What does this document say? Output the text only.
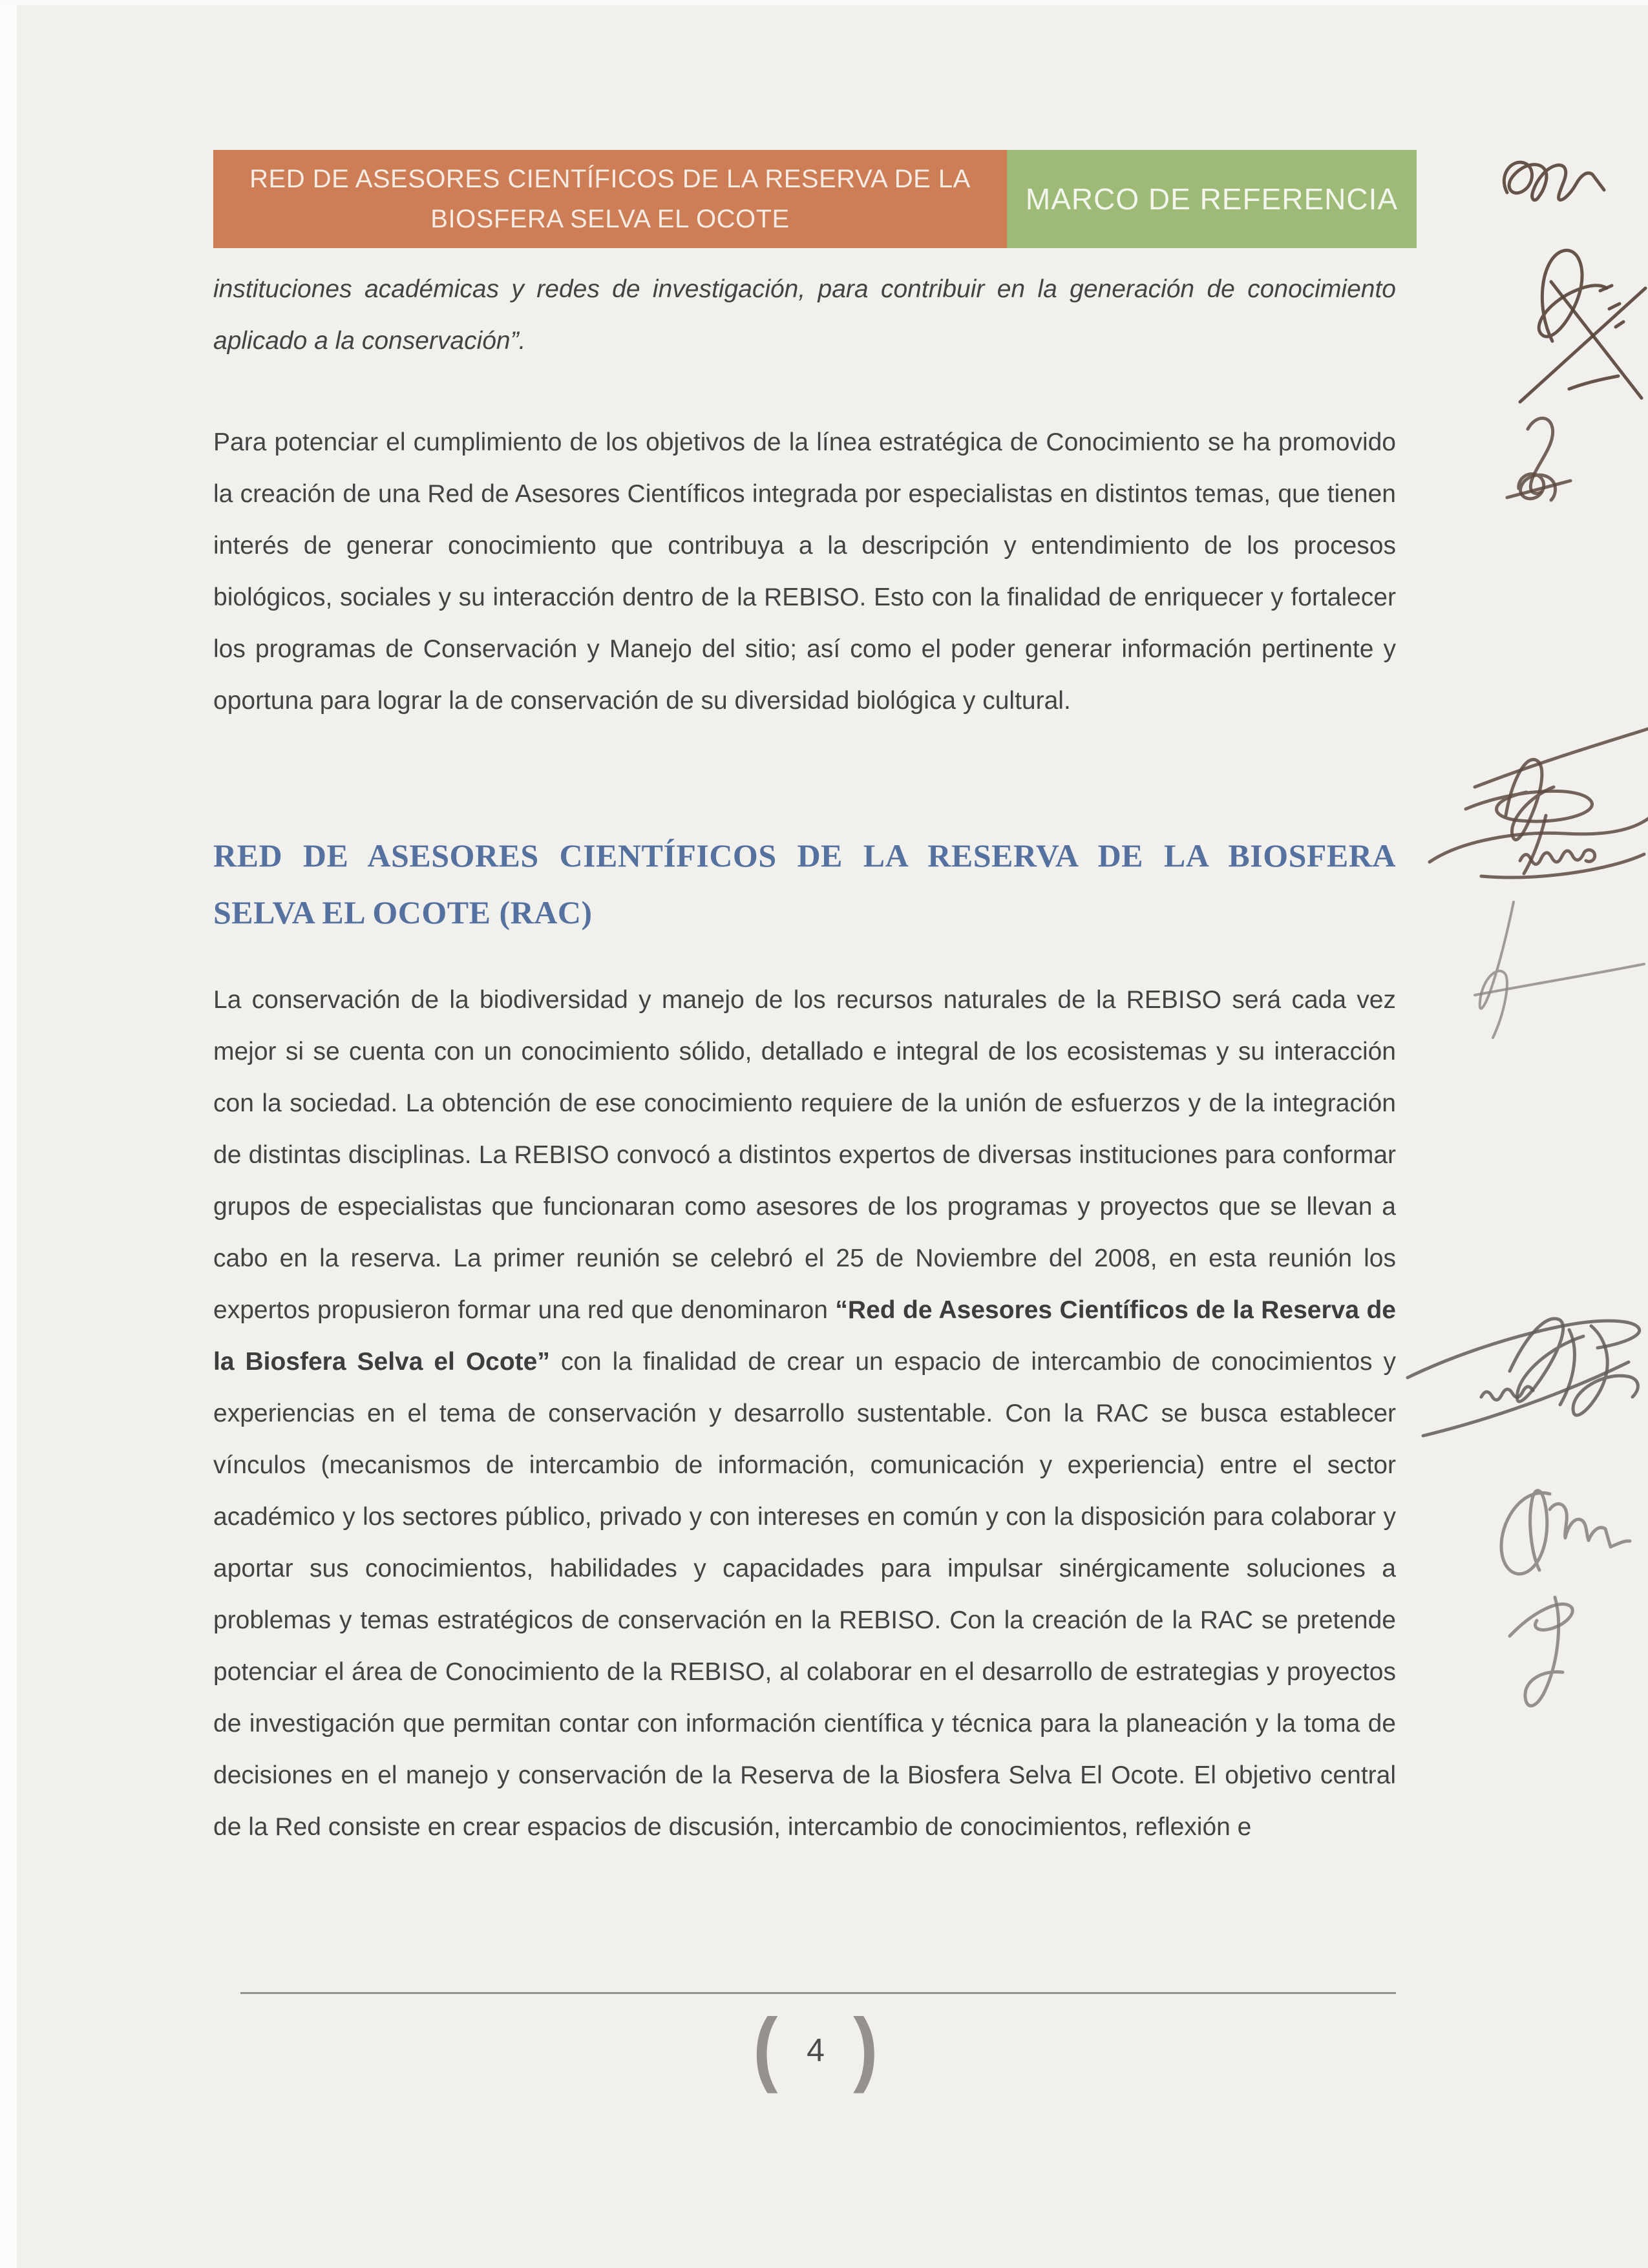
RED DE ASESORES CIENTÍFICOS DE LA RESERVA DE LA
BIOSFERA SELVA EL OCOTE
MARCO DE REFERENCIA
instituciones académicas y redes de investigación, para contribuir en la generación de conocimiento aplicado a la conservación”.
Para potenciar el cumplimiento de los objetivos de la línea estratégica de Conocimiento se ha promovido la creación de una Red de Asesores Científicos integrada por especialistas en distintos temas, que tienen interés de generar conocimiento que contribuya a la descripción y entendimiento de los procesos biológicos, sociales y su interacción dentro de la REBISO. Esto con la finalidad de enriquecer y fortalecer los programas de Conservación y Manejo del sitio; así como el poder generar información pertinente y oportuna para lograr la de conservación de su diversidad biológica y cultural.
RED DE ASESORES CIENTÍFICOS DE LA RESERVA DE LA BIOSFERA
SELVA EL OCOTE (RAC)
La conservación de la biodiversidad y manejo de los recursos naturales de la REBISO será cada vez mejor si se cuenta con un conocimiento sólido, detallado e integral de los ecosistemas y su interacción con la sociedad. La obtención de ese conocimiento requiere de la unión de esfuerzos y de la integración de distintas disciplinas. La REBISO convocó a distintos expertos de diversas instituciones para conformar grupos de especialistas que funcionaran como asesores de los programas y proyectos que se llevan a cabo en la reserva. La primer reunión se celebró el 25 de Noviembre del 2008, en esta reunión los expertos propusieron formar una red que denominaron “Red de Asesores Científicos de la Reserva de la Biosfera Selva el Ocote” con la finalidad de crear un espacio de intercambio de conocimientos y experiencias en el tema de conservación y desarrollo sustentable. Con la RAC se busca establecer vínculos (mecanismos de intercambio de información, comunicación y experiencia) entre el sector académico y los sectores público, privado y con intereses en común y con la disposición para colaborar y aportar sus conocimientos, habilidades y capacidades para impulsar sinérgicamente soluciones a problemas y temas estratégicos de conservación en la REBISO. Con la creación de la RAC se pretende potenciar el área de Conocimiento de la REBISO, al colaborar en el desarrollo de estrategias y proyectos de investigación que permitan contar con información científica y técnica para la planeación y la toma de decisiones en el manejo y conservación de la Reserva de la Biosfera Selva El Ocote. El objetivo central de la Red consiste en crear espacios de discusión, intercambio de conocimientos, reflexión e
( 4 )
